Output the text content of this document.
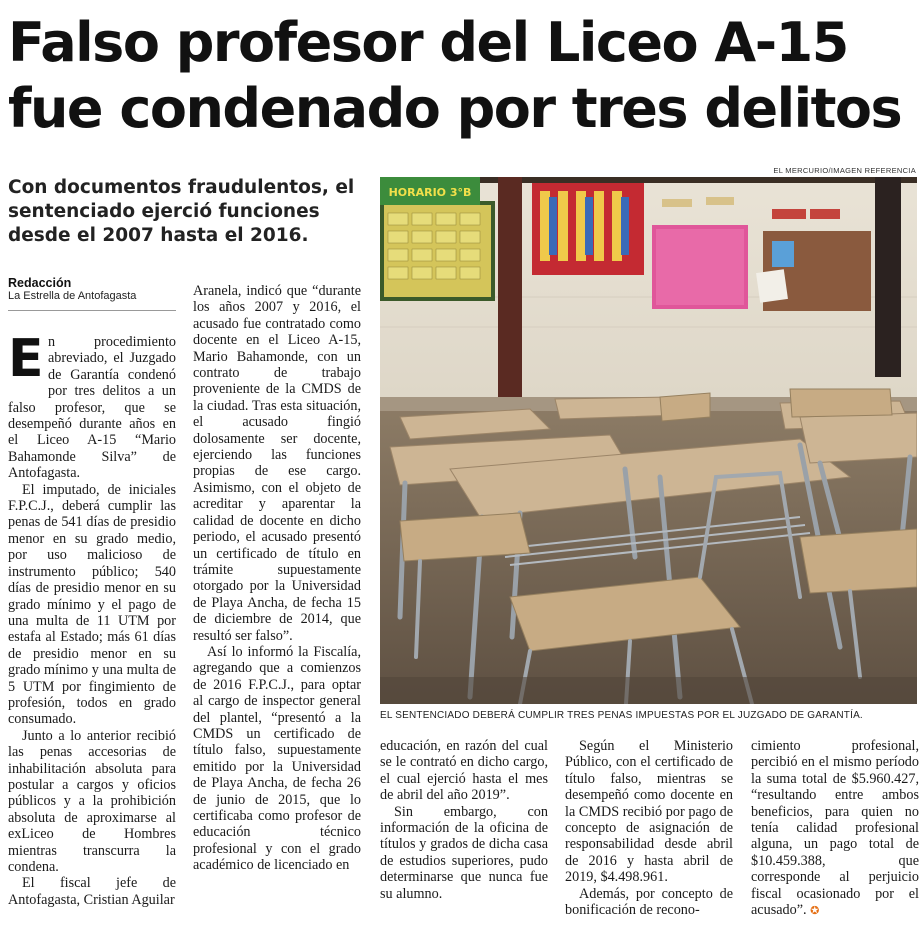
Falso profesor del Liceo A-15
fue condenado por tres delitos
Con documentos fraudulentos, el sentenciado ejerció funciones desde el 2007 hasta el 2016.
Redacción
La Estrella de Antofagasta

En procedimiento abreviado, el Juzgado de Garantía condenó por tres delitos a un falso profesor, que se desempeñó durante años en el Liceo A-15 “Mario Bahamonde Silva” de Antofagasta.

El imputado, de iniciales F.P.C.J., deberá cumplir las penas de 541 días de presidio menor en su grado medio, por uso malicioso de instrumento público; 540 días de presidio menor en su grado mínimo y el pago de una multa de 11 UTM por estafa al Estado; más 61 días de presidio menor en su grado mínimo y una multa de 5 UTM por fingimiento de profesión, todos en grado consumado.

Junto a lo anterior recibió las penas accesorias de inhabilitación absoluta para postular a cargos y oficios públicos y a la prohibición absoluta de aproximarse al exLiceo de Hombres mientras transcurra la condena.

El fiscal jefe de Antofagasta, Cristian Aguilar

Aranela, indicó que “durante los años 2007 y 2016, el acusado fue contratado como docente en el Liceo A-15, Mario Bahamonde, con un contrato de trabajo proveniente de la CMDS de la ciudad. Tras esta situación, el acusado fingió dolosamente ser docente, ejerciendo las funciones propias de ese cargo. Asimismo, con el objeto de acreditar y aparentar la calidad de docente en dicho periodo, el acusado presentó un certificado de título en trámite supuestamente otorgado por la Universidad de Playa Ancha, de fecha 15 de diciembre de 2014, que resultó ser falso”.

Así lo informó la Fiscalía, agregando que a comienzos de 2016 F.P.C.J., para optar al cargo de inspector general del plantel, “presentó a la CMDS un certificado de título falso, supuestamente emitido por la Universidad de Playa Ancha, de fecha 26 de junio de 2015, que lo certificaba como profesor de educación técnico profesional y con el grado académico de licenciado en

educación, en razón del cual se le contrató en dicho cargo, el cual ejerció hasta el mes de abril del año 2019”.

Sin embargo, con información de la oficina de títulos y grados de dicha casa de estudios superiores, pudo determinarse que nunca fue su alumno.

Según el Ministerio Público, con el certificado de título falso, mientras se desempeñó como docente en la CMDS recibió por pago de concepto de asignación de responsabilidad desde abril de 2016 y hasta abril de 2019, $4.498.961.

Además, por concepto de bonificación de recono-

cimiento profesional, percibió en el mismo período la suma total de $5.960.427, “resultando entre ambos beneficios, para quien no tenía calidad profesional alguna, un pago total de $10.459.388, que corresponde al perjuicio fiscal ocasionado por el acusado”. ✪

EL MERCURIO/IMAGEN REFERENCIA
HORARIO 3°B
EL SENTENCIADO DEBERÁ CUMPLIR TRES PENAS IMPUESTAS POR EL JUZGADO DE GARANTÍA.
